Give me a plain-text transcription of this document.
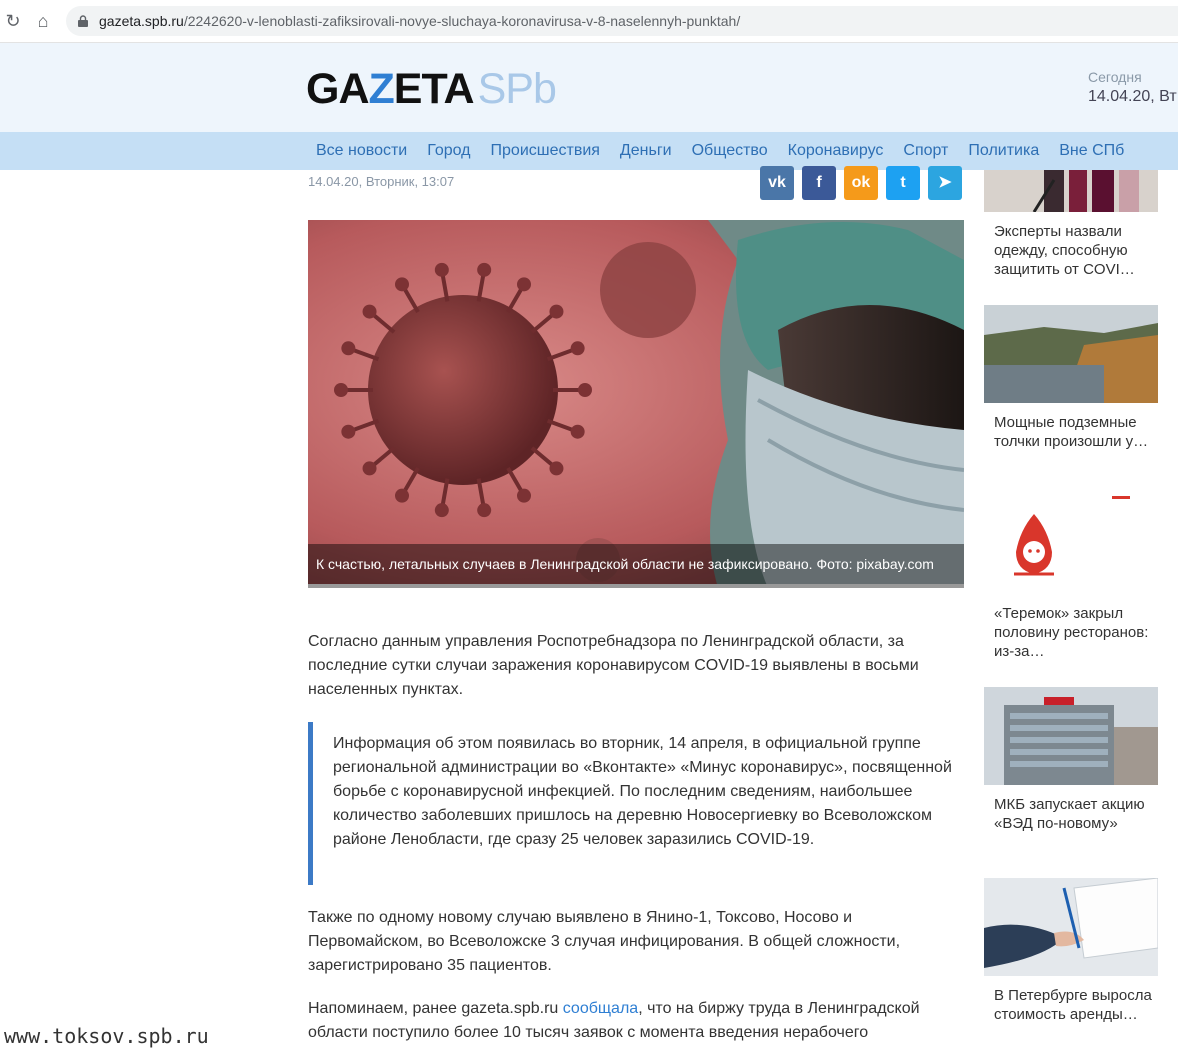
↻ ⌂	gazeta.spb.ru/2242620-v-lenoblasti-zafiksirovali-novye-sluchaya-koronavirusa-v-8-naselennyh-punktah/
GAZETASPb	Сегодня
14.04.20, Вт
Все новости	Город	Происшествия	Деньги	Общество	Коронавирус	Спорт	Политика	Вне СПб
14.04.20, Вторник, 13:07	vk	f	ok	t	➤
К счастью, летальных случаев в Ленинградской области не зафиксировано. Фото: pixabay.com
Согласно данным управления Роспотребнадзора по Ленинградской области, за последние сутки случаи заражения коронавирусом COVID-19 выявлены в восьми населенных пунктах.
Информация об этом появилась во вторник, 14 апреля, в официальной группе региональной администрации во «Вконтакте» «Минус коронавирус», посвященной борьбе с коронавирусной инфекцией. По последним сведениям, наибольшее количество заболевших пришлось на деревню Новосергиевку во Всеволожском районе Ленобласти, где сразу 25 человек заразились COVID-19.
Также по одному новому случаю выявлено в Янино-1, Токсово, Носово и Первомайском, во Всеволожске 3 случая инфицирования. В общей сложности, зарегистрировано 35 пациентов.
Напоминаем, ранее gazeta.spb.ru сообщала, что на биржу труда в Ленинградской области поступило более 10 тысяч заявок с момента введения нерабочего
www.toksov.spb.ru
Эксперты назвали одежду, способную защитить от COVI…
Мощные подземные толчки произошли у…
«Теремок» закрыл половину ресторанов: из-за…
МКБ запускает акцию «ВЭД по-новому»
В Петербурге выросла стоимость аренды…
